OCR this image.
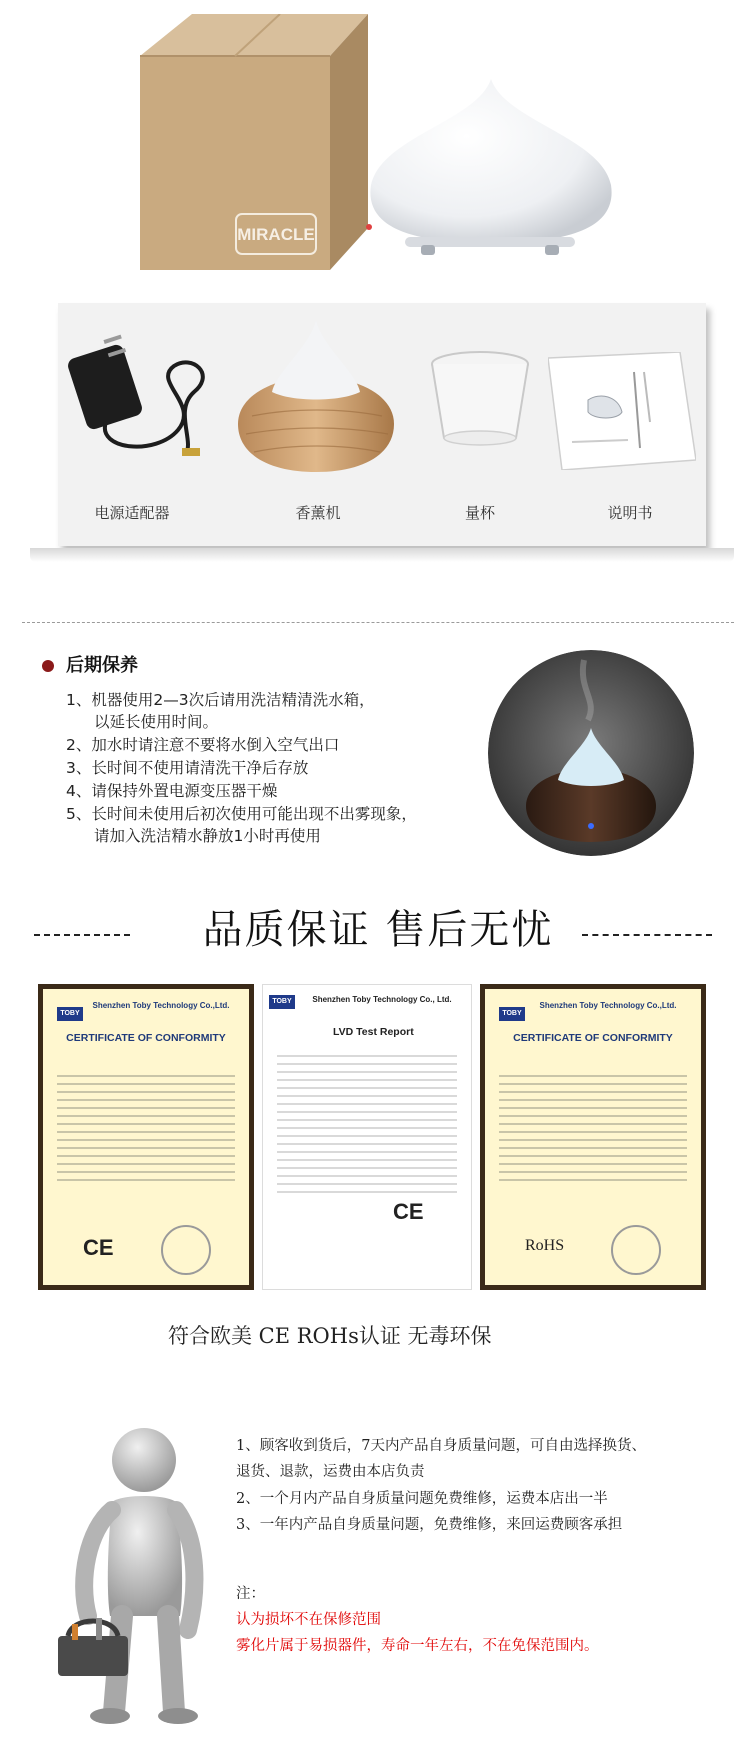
MIRACLE
电源适配器	香薰机	量杯	说明书
后期保养
1、机器使用2—3次后请用洗洁精清洗水箱，
以延长使用时间。
2、加水时请注意不要将水倒入空气出口
3、长时间不使用请清洗干净后存放
4、请保持外置电源变压器干燥
5、长时间未使用后初次使用可能出现不出雾现象，
请加入洗洁精水静放1小时再使用
品质保证 售后无忧
TOBY
Shenzhen Toby Technology Co.,Ltd.
CERTIFICATE OF CONFORMITY
CE
TOBY	Shenzhen Toby Technology Co., Ltd.
LVD Test Report
CE
TOBY
Shenzhen Toby Technology Co.,Ltd.
CERTIFICATE OF CONFORMITY
RoHS
符合欧美 CE ROHs认证 无毒环保
1、顾客收到货后，7天内产品自身质量问题，可自由选择换货、
退货、退款，运费由本店负责
2、一个月内产品自身质量问题免费维修，运费本店出一半
3、一年内产品自身质量问题，免费维修，来回运费顾客承担
注：
认为损坏不在保修范围
雾化片属于易损器件，寿命一年左右，不在免保范围内。
